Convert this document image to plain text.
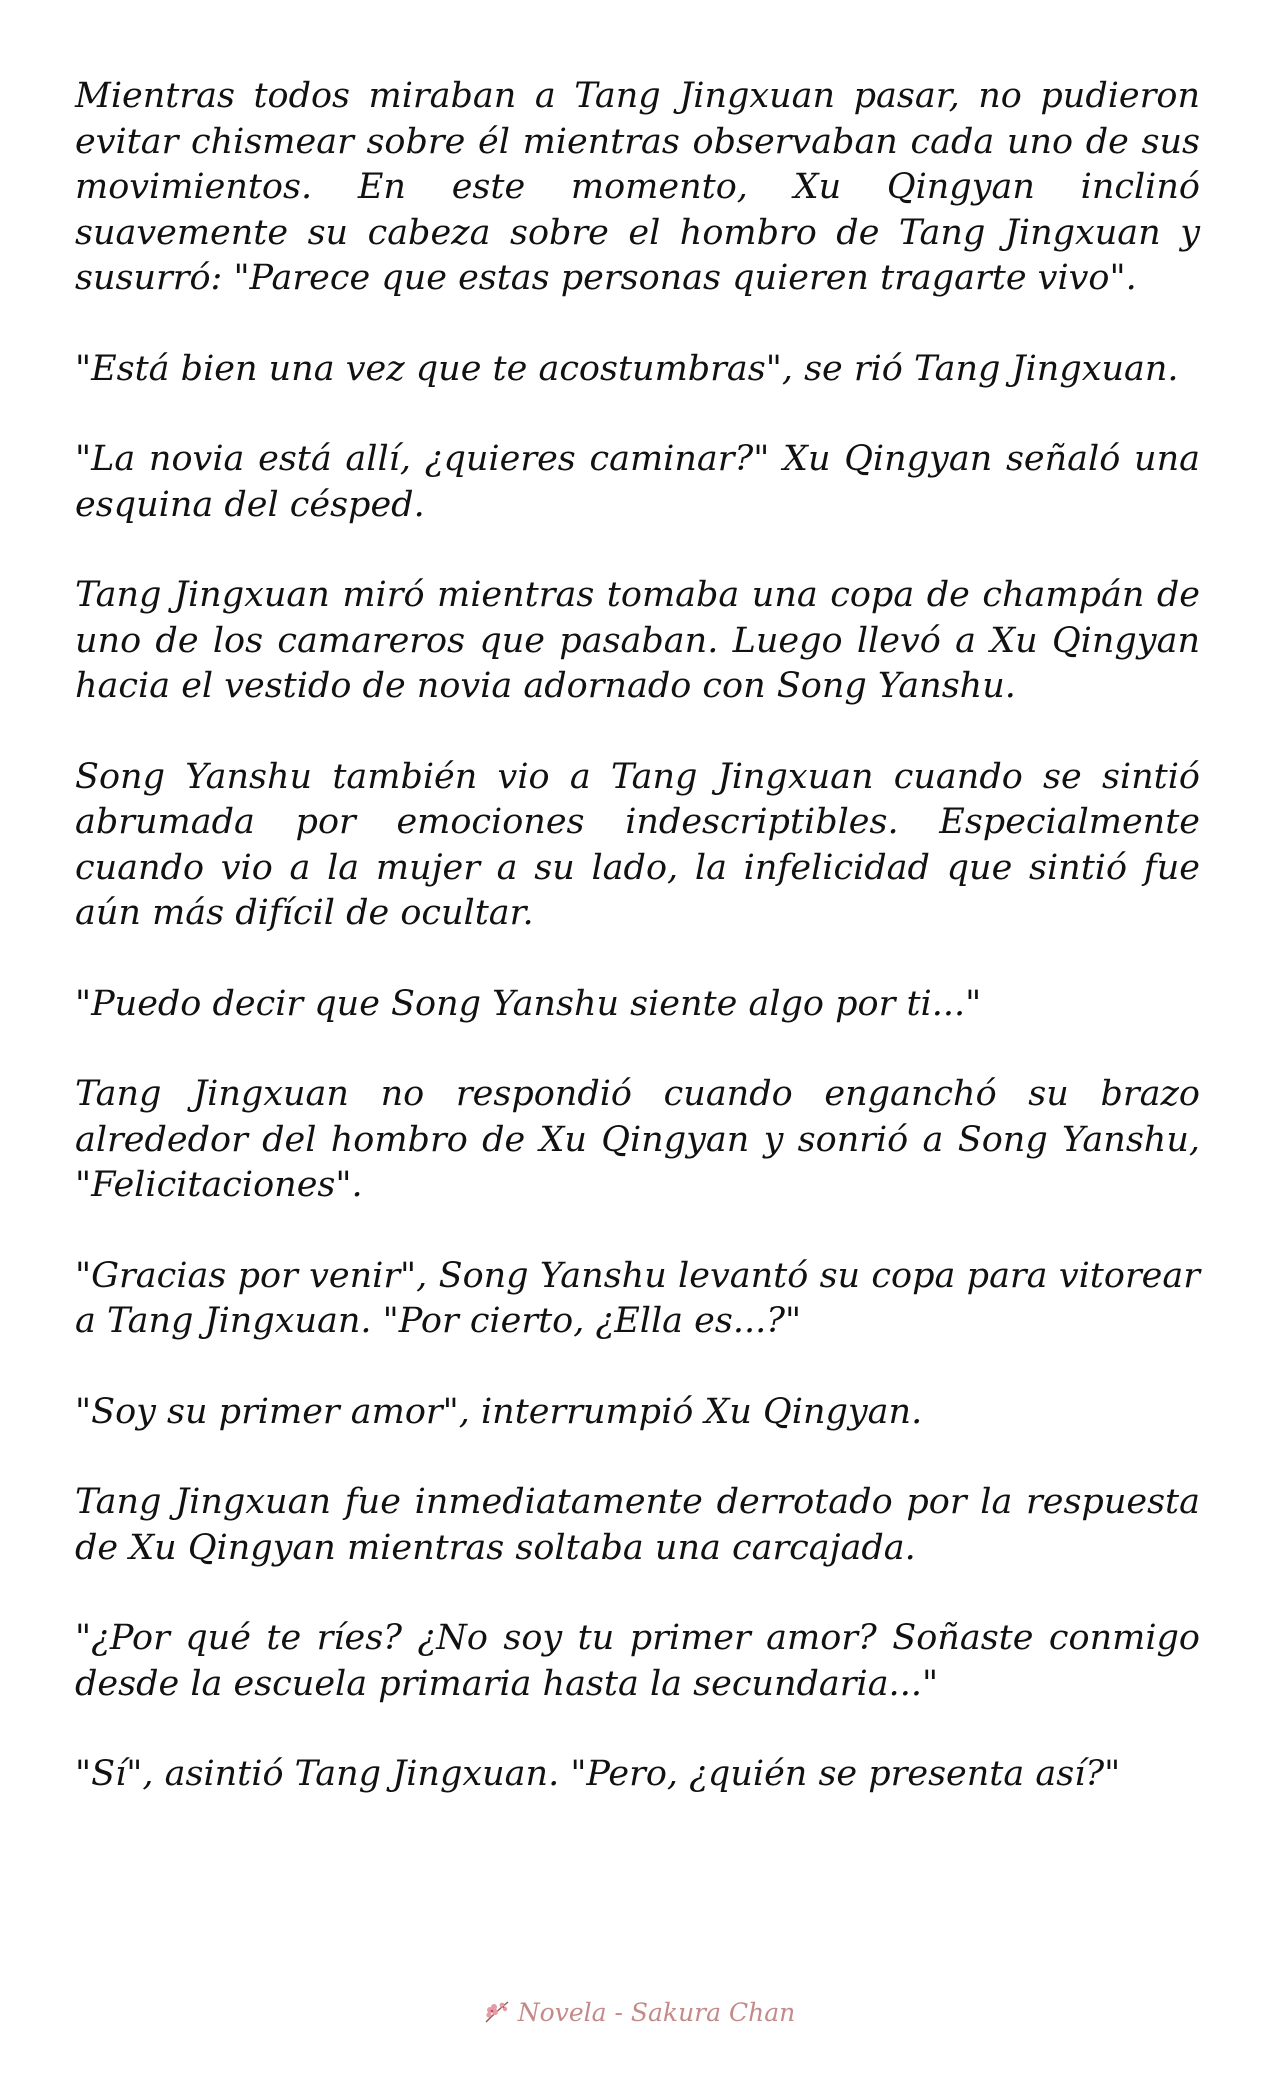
Mientras todos miraban a Tang Jingxuan pasar, no pudieron evitar chismear sobre él mientras observaban cada uno de sus movimientos. En este momento, Xu Qingyan inclinó suavemente su cabeza sobre el hombro de Tang Jingxuan y susurró: "Parece que estas personas quieren tragarte vivo".

"Está bien una vez que te acostumbras", se rió Tang Jingxuan.

"La novia está allí, ¿quieres caminar?" Xu Qingyan señaló una esquina del césped.

Tang Jingxuan miró mientras tomaba una copa de champán de uno de los camareros que pasaban. Luego llevó a Xu Qingyan hacia el vestido de novia adornado con Song Yanshu.

Song Yanshu también vio a Tang Jingxuan cuando se sintió abrumada por emociones indescriptibles. Especialmente cuando vio a la mujer a su lado, la infelicidad que sintió fue aún más difícil de ocultar.

"Puedo decir que Song Yanshu siente algo por ti..."

Tang Jingxuan no respondió cuando enganchó su brazo alrededor del hombro de Xu Qingyan y sonrió a Song Yanshu, "Felicitaciones".

"Gracias por venir", Song Yanshu levantó su copa para vitorear a Tang Jingxuan. "Por cierto, ¿Ella es...?"

"Soy su primer amor", interrumpió Xu Qingyan.

Tang Jingxuan fue inmediatamente derrotado por la respuesta de Xu Qingyan mientras soltaba una carcajada.

"¿Por qué te ríes? ¿No soy tu primer amor? Soñaste conmigo desde la escuela primaria hasta la secundaria..."

"Sí", asintió Tang Jingxuan. "Pero, ¿quién se presenta así?"

Novela - Sakura Chan
